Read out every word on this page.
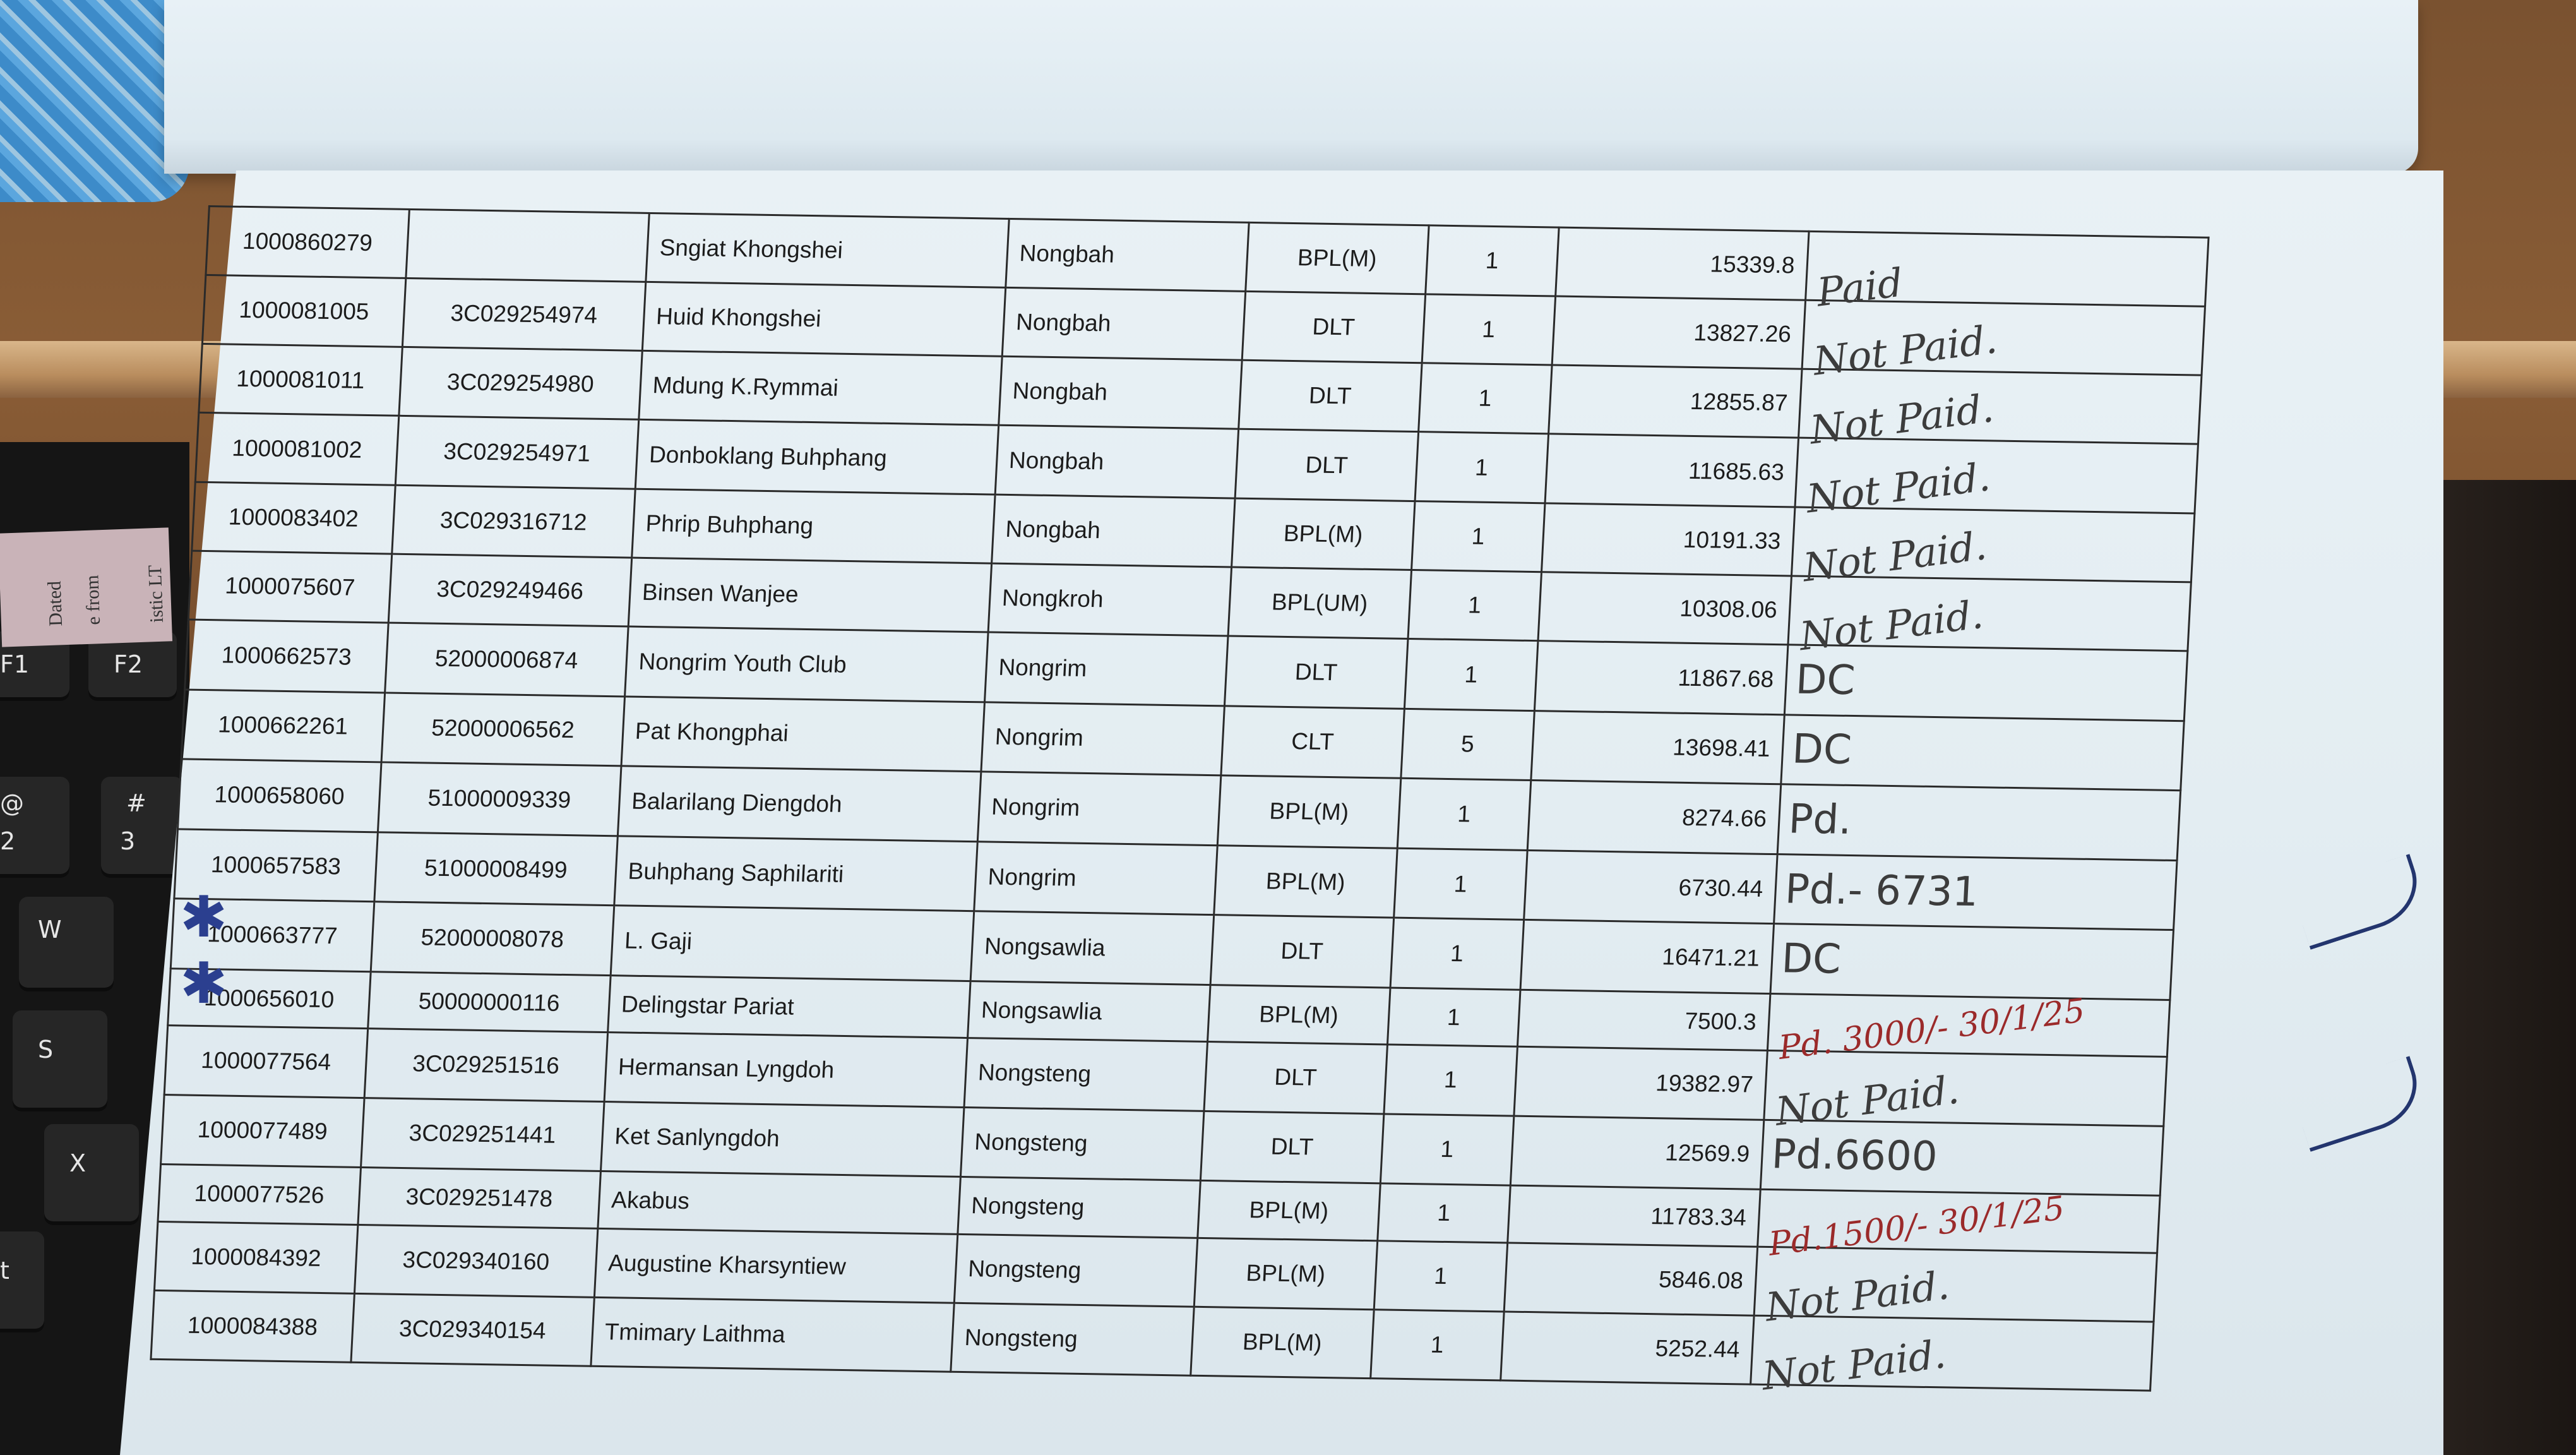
F1	F2
@
2
#
3
W
S
X
t
Dated e from istic LT
1000860279		Sngiat Khongshei	Nongbah	BPL(M)	1	15339.8	Paid
1000081005	3C029254974	Huid Khongshei	Nongbah	DLT	1	13827.26	Not Paid.
1000081011	3C029254980	Mdung K.Rymmai	Nongbah	DLT	1	12855.87	Not Paid.
1000081002	3C029254971	Donboklang Buhphang	Nongbah	DLT	1	11685.63	Not Paid.
1000083402	3C029316712	Phrip Buhphang	Nongbah	BPL(M)	1	10191.33	Not Paid.
1000075607	3C029249466	Binsen Wanjee	Nongkroh	BPL(UM)	1	10308.06	Not Paid.
1000662573	52000006874	Nongrim Youth Club	Nongrim	DLT	1	11867.68	DC
1000662261	52000006562	Pat Khongphai	Nongrim	CLT	5	13698.41	DC
1000658060	51000009339	Balarilang Diengdoh	Nongrim	BPL(M)	1	8274.66	Pd.
1000657583	51000008499	Buhphang Saphilariti	Nongrim	BPL(M)	1	6730.44	Pd.- 6731
1000663777	52000008078	L. Gaji	Nongsawlia	DLT	1	16471.21	DC
1000656010	50000000116	Delingstar Pariat	Nongsawlia	BPL(M)	1	7500.3	Pd. 3000/- 30/1/25
1000077564	3C029251516	Hermansan Lyngdoh	Nongsteng	DLT	1	19382.97	Not Paid.
1000077489	3C029251441	Ket Sanlyngdoh	Nongsteng	DLT	1	12569.9	Pd.6600
1000077526	3C029251478	Akabus	Nongsteng	BPL(M)	1	11783.34	Pd.1500/- 30/1/25
1000084392	3C029340160	Augustine Kharsyntiew	Nongsteng	BPL(M)	1	5846.08	Not Paid.
1000084388	3C029340154	Tmimary Laithma	Nongsteng	BPL(M)	1	5252.44	Not Paid.
✱
✱
